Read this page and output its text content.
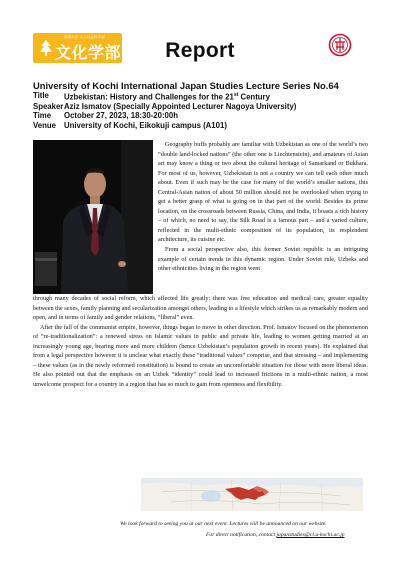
高知大学 人文社会科学部
文化学部	Report
University of Kochi International Japan Studies Lecture Series No.64
Title	Uzbekistan: History and Challenges for the 21st Century
Speaker Aziz Ismatov (Specially Appointed Lecturer Nagoya University)
Time	October 27, 2023, 18:30-20:00h
Venue	University of Kochi, Eikokuji campus (A101)

Geography buffs probably are familiar with Uzbekistan as one of the world’s two “double land-locked nations” (the other one is Liechtenstein), and amateurs of Asian art may know a thing or two about the cultural heritage of Samarkand or Bukhara. For most of us, however, Uzbekistan is not a country we can tell each other much about. Even if such may be the case for many of the world’s smaller nations, this Central-Asian nation of about 50 million should not be overlooked when trying to get a better grasp of what is going on in that part of the world. Besides its prime location, on the crossroads between Russia, China, and India, it boasts a rich history – of which, no need to say, the Silk Road is a famous part – and a varied culture, reflected in the multi-ethnic composition of its population, its resplendent architecture, its cuisine etc.

From a social perspective also, this former Soviet republic is an intriguing example of certain trends in this dynamic region. Under Soviet rule, Uzbeks and other ethnicities living in the region went

through many decades of social reform, which affected life greatly: there was free education and medical care, greater equality between the sexes, family planning and secularization amongst others, leading to a lifestyle which strikes us as remarkably modern and open, and in terms of family and gender relations, “liberal” even.

After the fall of the communist empire, however, things began to move in other direction. Prof. Ismatov focused on the phenomenon of “re-traditionalization”: a renewed stress on Islamic values in public and private life, leading to women getting married at an increasingly young age, bearing more and more children (hence Uzbekistan’s population growth in recent years). He explained that from a legal perspective however it is unclear what exactly these “traditional values” comprise, and that stressing – and implementing – these values (as in the newly reformed constitution) is bound to create an uncomfortable situation for those with more liberal ideas. He also pointed out that the emphasis on an Uzbek “identity” could lead to increased frictions in a multi-ethnic nation, a most unwelcome prospect for a country in a region that has so much to gain from openness and flexibility.

We look forward to seeing you at our next event. Lectures will be announced on our website.
For direct notification, contact japanstudies@cl.u-kochi.ac.jp
